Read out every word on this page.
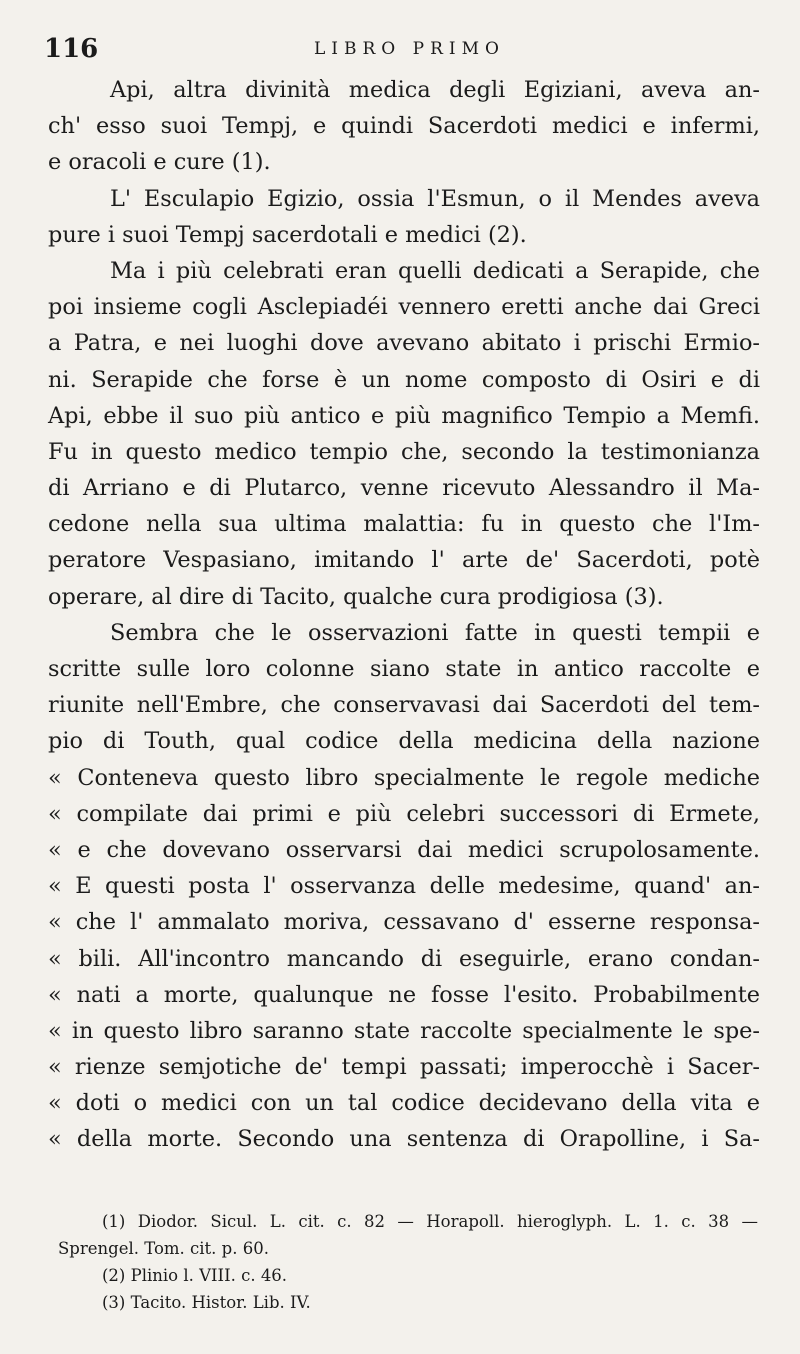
116	LIBRO PRIMO
Api, altra divinità medica degli Egiziani, aveva an-
ch' esso suoi Tempj, e quindi Sacerdoti medici e infermi,
e oracoli e cure (1).
L' Esculapio Egizio, ossia l'Esmun, o il Mendes aveva
pure i suoi Tempj sacerdotali e medici (2).
Ma i più celebrati eran quelli dedicati a Serapide, che
poi insieme cogli Asclepiadéi vennero eretti anche dai Greci
a Patra, e nei luoghi dove avevano abitato i prischi Ermio-
ni. Serapide che forse è un nome composto di Osiri e di
Api, ebbe il suo più antico e più magnifico Tempio a Memfi.
Fu in questo medico tempio che, secondo la testimonianza
di Arriano e di Plutarco, venne ricevuto Alessandro il Ma-
cedone nella sua ultima malattia: fu in questo che l'Im-
peratore Vespasiano, imitando l' arte de' Sacerdoti, potè
operare, al dire di Tacito, qualche cura prodigiosa (3).
Sembra che le osservazioni fatte in questi tempii e
scritte sulle loro colonne siano state in antico raccolte e
riunite nell'Embre, che conservavasi dai Sacerdoti del tem-
pio di Touth, qual codice della medicina della nazione
« Conteneva questo libro specialmente le regole mediche
« compilate dai primi e più celebri successori di Ermete,
« e che dovevano osservarsi dai medici scrupolosamente.
« E questi posta l' osservanza delle medesime, quand' an-
« che l' ammalato moriva, cessavano d' esserne responsa-
« bili. All'incontro mancando di eseguirle, erano condan-
« nati a morte, qualunque ne fosse l'esito. Probabilmente
« in questo libro saranno state raccolte specialmente le spe-
« rienze semjotiche de' tempi passati; imperocchè i Sacer-
« doti o medici con un tal codice decidevano della vita e
« della morte. Secondo una sentenza di Orapolline, i Sa-
(1) Diodor. Sicul. L. cit. c. 82 — Horapoll. hieroglyph. L. 1. c. 38 —
Sprengel. Tom. cit. p. 60.
(2) Plinio l. VIII. c. 46.
(3) Tacito. Histor. Lib. IV.
